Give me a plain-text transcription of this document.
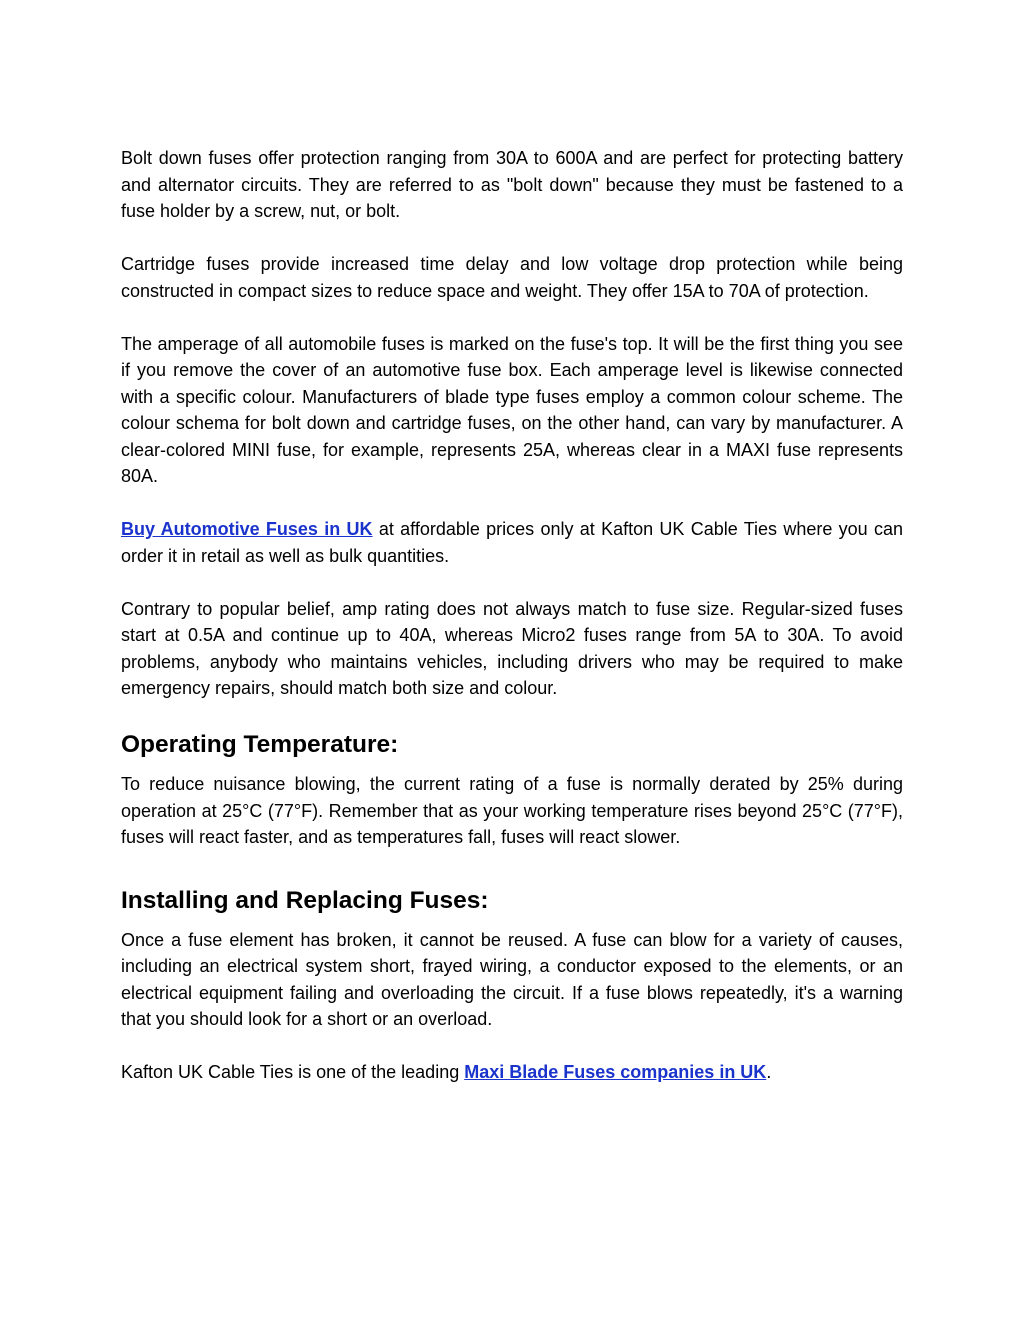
Bolt down fuses offer protection ranging from 30A to 600A and are perfect for protecting battery and alternator circuits. They are referred to as "bolt down" because they must be fastened to a fuse holder by a screw, nut, or bolt.

Cartridge fuses provide increased time delay and low voltage drop protection while being constructed in compact sizes to reduce space and weight. They offer 15A to 70A of protection.

The amperage of all automobile fuses is marked on the fuse's top. It will be the first thing you see if you remove the cover of an automotive fuse box. Each amperage level is likewise connected with a specific colour. Manufacturers of blade type fuses employ a common colour scheme. The colour schema for bolt down and cartridge fuses, on the other hand, can vary by manufacturer. A clear-colored MINI fuse, for example, represents 25A, whereas clear in a MAXI fuse represents 80A.

Buy Automotive Fuses in UK at affordable prices only at Kafton UK Cable Ties where you can order it in retail as well as bulk quantities.

Contrary to popular belief, amp rating does not always match to fuse size. Regular-sized fuses start at 0.5A and continue up to 40A, whereas Micro2 fuses range from 5A to 30A. To avoid problems, anybody who maintains vehicles, including drivers who may be required to make emergency repairs, should match both size and colour.

Operating Temperature:

To reduce nuisance blowing, the current rating of a fuse is normally derated by 25% during operation at 25°C (77°F). Remember that as your working temperature rises beyond 25°C (77°F), fuses will react faster, and as temperatures fall, fuses will react slower.

Installing and Replacing Fuses:

Once a fuse element has broken, it cannot be reused. A fuse can blow for a variety of causes, including an electrical system short, frayed wiring, a conductor exposed to the elements, or an electrical equipment failing and overloading the circuit. If a fuse blows repeatedly, it's a warning that you should look for a short or an overload.

Kafton UK Cable Ties is one of the leading Maxi Blade Fuses companies in UK.
